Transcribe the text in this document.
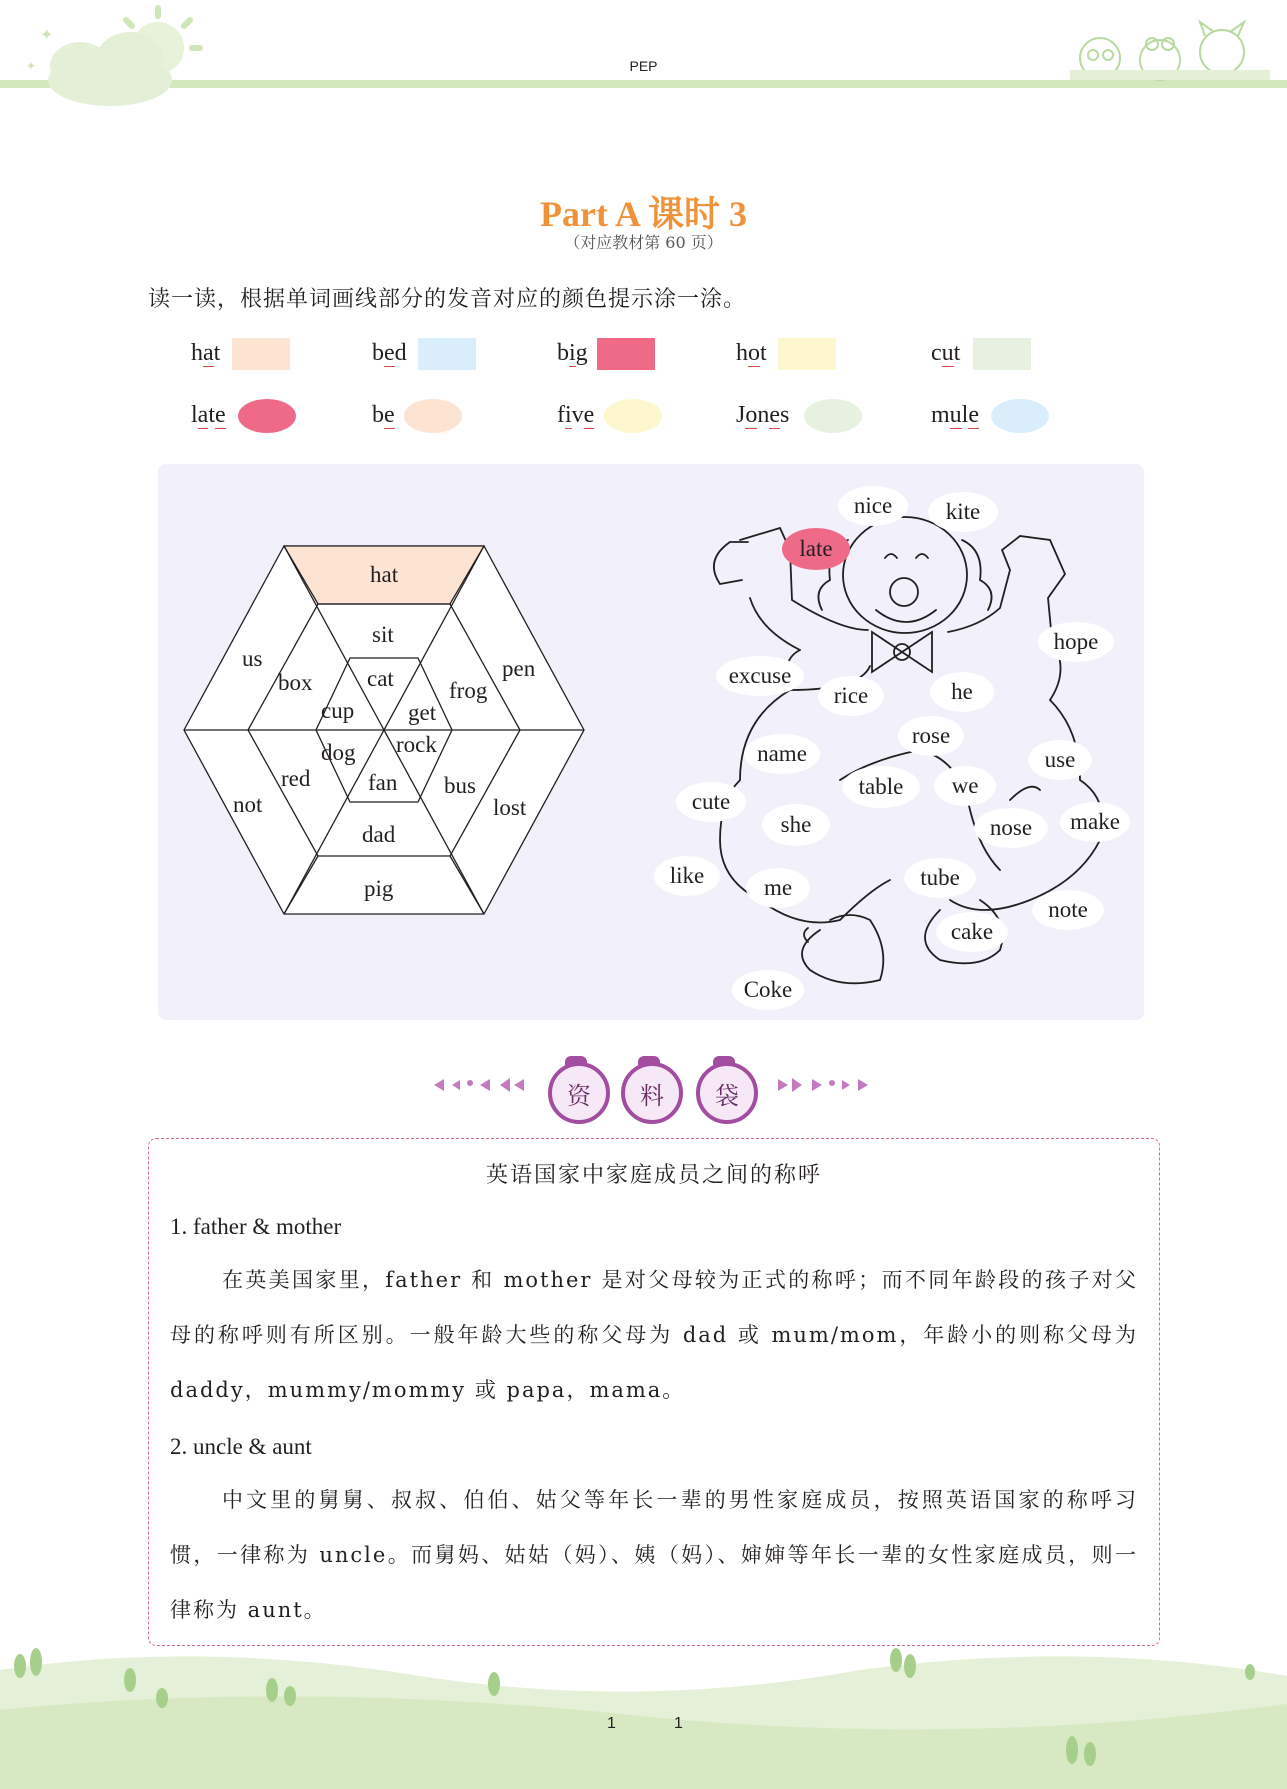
✦
✦	PEP
Part A 课时 3
（对应教材第 60 页）
读一读，根据单词画线部分的发音对应的颜色提示涂一涂。
hat	bed	big	hot	cut
late	be	five	Jones	mule
hat
pen
lost
pig
not
us
sit
frog
bus
dad
red
box cat
get
rock
fan
dog
cup
nice	kite
late
hope
excuse
rice	he
rose
name	use
table	we
cute
she	nose	make
like	me	tube
note
cake
Coke
资	料	袋
英语国家中家庭成员之间的称呼
1. father & mother
在英美国家里，father 和 mother 是对父母较为正式的称呼；而不同年龄段的孩子对父母的称呼则有所区别。一般年龄大些的称父母为 dad 或 mum/mom，年龄小的则称父母为 daddy，mummy/mommy 或 papa，mama。
2. uncle & aunt
中文里的舅舅、叔叔、伯伯、姑父等年长一辈的男性家庭成员，按照英语国家的称呼习惯，一律称为 uncle。而舅妈、姑姑（妈）、姨（妈）、婶婶等年长一辈的女性家庭成员，则一律称为 aunt。
1	1
